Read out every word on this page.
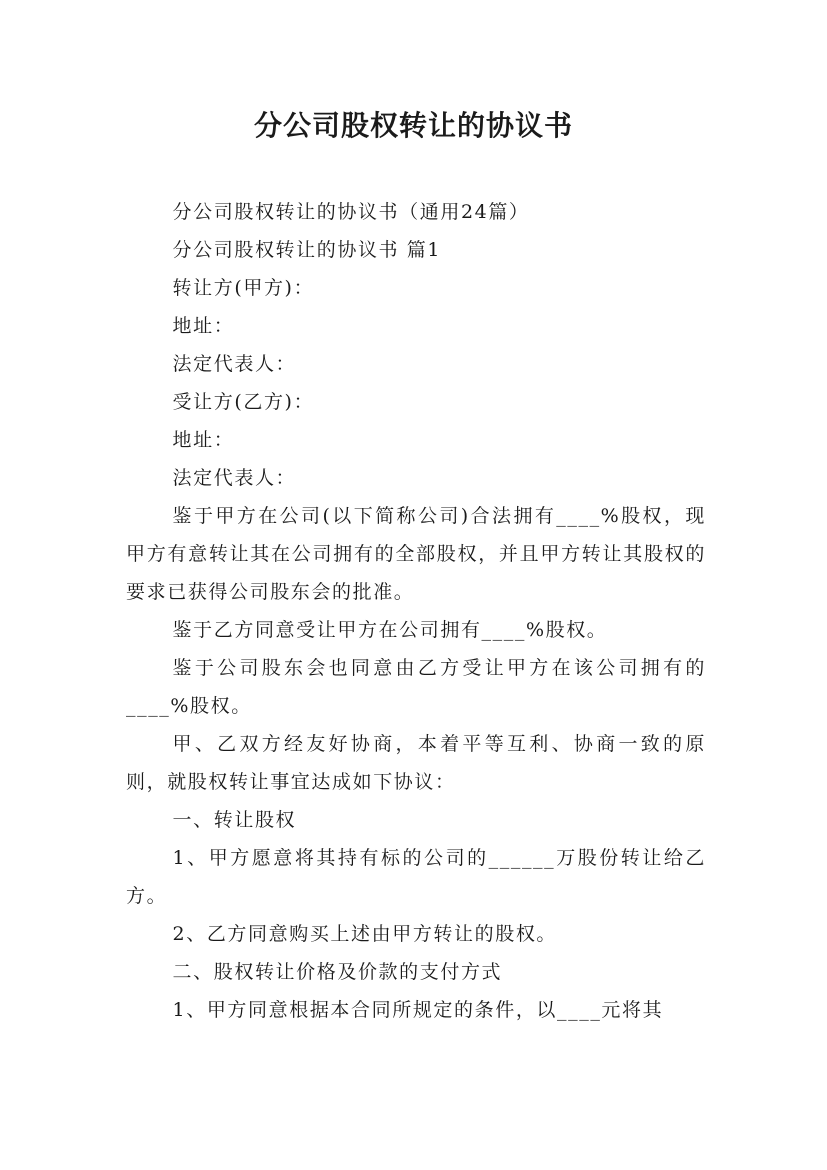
分公司股权转让的协议书

分公司股权转让的协议书（通用24篇）

分公司股权转让的协议书 篇1

转让方(甲方)：

地址：

法定代表人：

受让方(乙方)：

地址：

法定代表人：

鉴于甲方在公司(以下简称公司)合法拥有____%股权，现甲方有意转让其在公司拥有的全部股权，并且甲方转让其股权的要求已获得公司股东会的批准。

鉴于乙方同意受让甲方在公司拥有____%股权。

鉴于公司股东会也同意由乙方受让甲方在该公司拥有的____%股权。

甲、乙双方经友好协商，本着平等互利、协商一致的原则，就股权转让事宜达成如下协议：

一、转让股权

1、甲方愿意将其持有标的公司的______万股份转让给乙方。

2、乙方同意购买上述由甲方转让的股权。

二、股权转让价格及价款的支付方式

1、甲方同意根据本合同所规定的条件，以____元将其
